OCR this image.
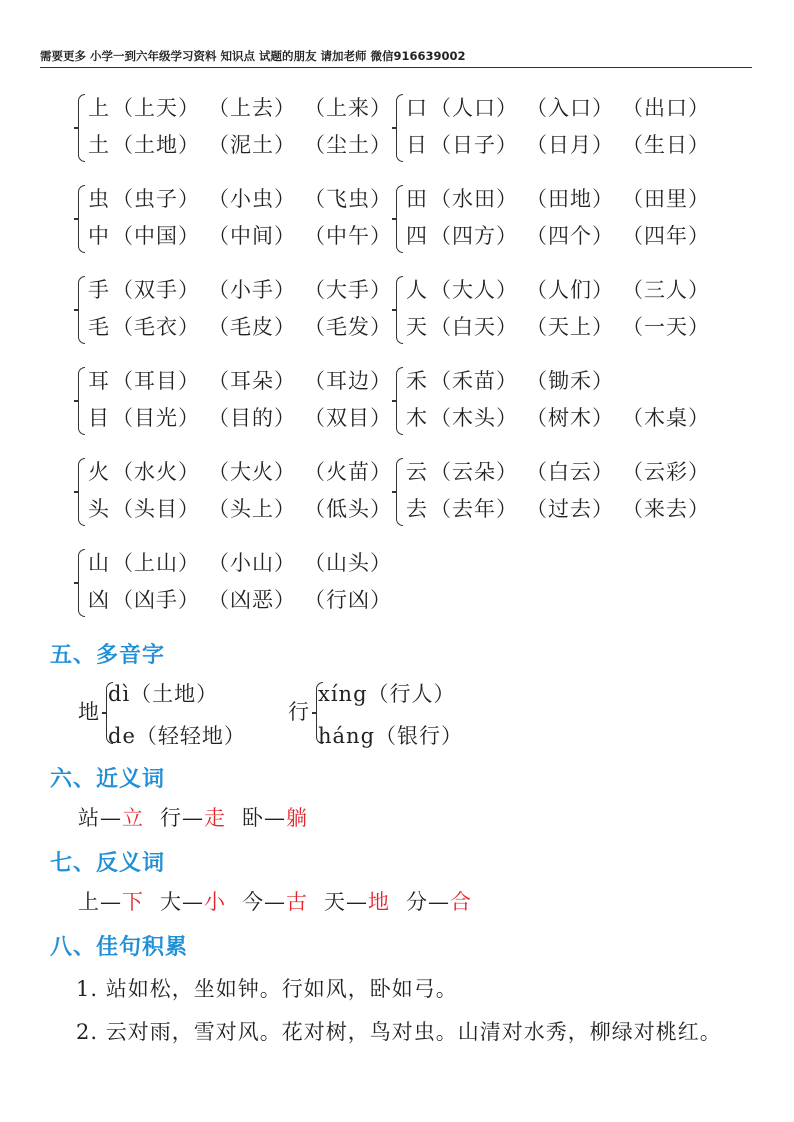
需要更多 小学一到六年级学习资料 知识点 试题的朋友 请加老师 微信916639002
上（上天） （上去） （上来）
土（土地） （泥土） （尘土）
口（人口） （入口） （出口）
日（日子） （日月） （生日）
虫（虫子） （小虫） （飞虫）
中（中国） （中间） （中午）
田（水田） （田地） （田里）
四（四方） （四个） （四年）
手（双手） （小手） （大手）
毛（毛衣） （毛皮） （毛发）
人（大人） （人们） （三人）
天（白天） （天上） （一天）
耳（耳目） （耳朵） （耳边）
目（目光） （目的） （双目）
禾（禾苗） （锄禾）
木（木头） （树木） （木桌）
火（水火） （大火） （火苗）
头（头目） （头上） （低头）
云（云朵） （白云） （云彩）
去（去年） （过去） （来去）
山（上山） （小山） （山头）
凶（凶手） （凶恶） （行凶）
五、多音字
地
dì（土地）
de（轻轻地）
行
xíng（行人）
háng（银行）
六、近义词
站—立 行—走 卧—躺
七、反义词
上—下 大—小 今—古 天—地 分—合
八、佳句积累
1. 站如松，坐如钟。行如风，卧如弓。
2. 云对雨，雪对风。花对树，鸟对虫。山清对水秀，柳绿对桃红。
